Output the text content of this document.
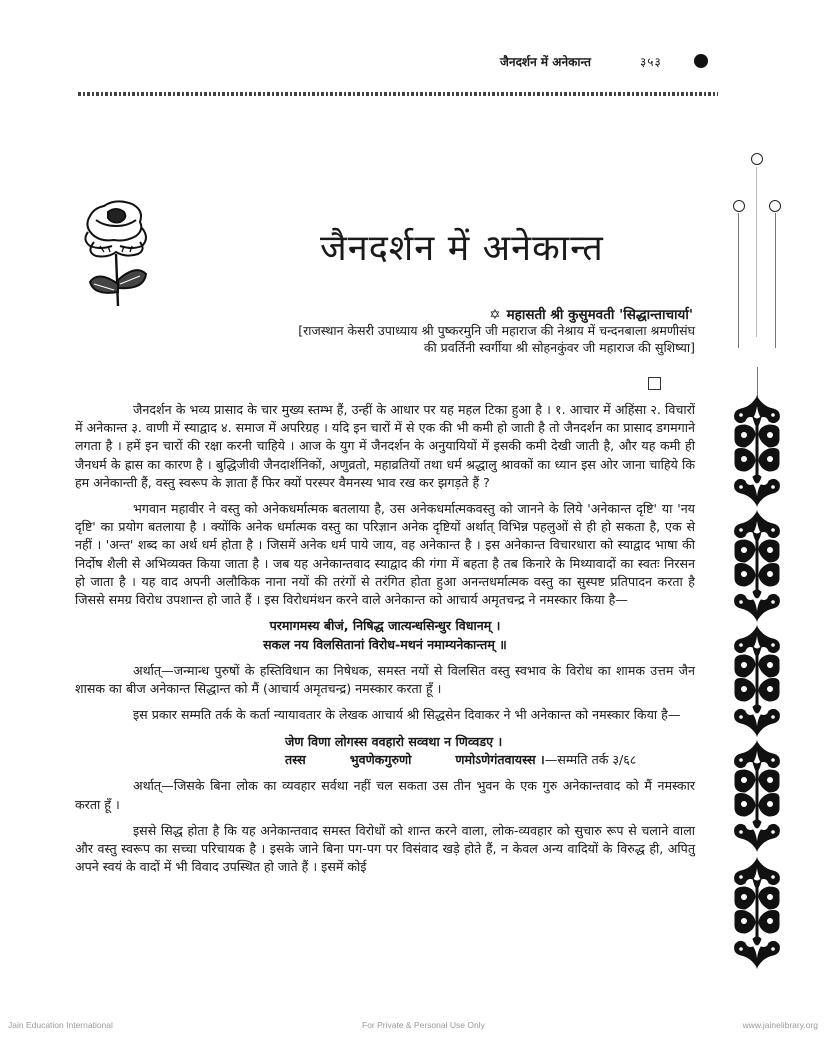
जैनदर्शन में अनेकान्त	३५३
जैनदर्शन में अनेकान्त
✡ महासती श्री कुसुमवती 'सिद्धान्ताचार्या'
[राजस्थान केसरी उपाध्याय श्री पुष्करमुनि जी महाराज की नेश्राय में चन्दनबाला श्रमणीसंघ
की प्रवर्तिनी स्वर्गीया श्री सोहनकुंवर जी महाराज की सुशिष्या]

जैनदर्शन के भव्य प्रासाद के चार मुख्य स्तम्भ हैं, उन्हीं के आधार पर यह महल टिका हुआ है । १. आचार में अहिंसा २. विचारों में अनेकान्त ३. वाणी में स्याद्वाद ४. समाज में अपरिग्रह । यदि इन चारों में से एक की भी कमी हो जाती है तो जैनदर्शन का प्रासाद डगमगाने लगता है । हमें इन चारों की रक्षा करनी चाहिये । आज के युग में जैनदर्शन के अनुयायियों में इसकी कमी देखी जाती है, और यह कमी ही जैनधर्म के ह्रास का कारण है । बुद्धिजीवी जैनदार्शनिकों, अणुव्रतो, महाव्रतियों तथा धर्म श्रद्धालु श्रावकों का ध्यान इस ओर जाना चाहिये कि हम अनेकान्ती हैं, वस्तु स्वरूप के ज्ञाता हैं फिर क्यों परस्पर वैमनस्य भाव रख कर झगड़ते हैं ?

भगवान महावीर ने वस्तु को अनेकधर्मात्मक बतलाया है, उस अनेकधर्मात्मकवस्तु को जानने के लिये 'अनेकान्त दृष्टि' या 'नय दृष्टि' का प्रयोग बतलाया है । क्योंकि अनेक धर्मात्मक वस्तु का परिज्ञान अनेक दृष्टियों अर्थात् विभिन्न पहलुओं से ही हो सकता है, एक से नहीं । 'अन्त' शब्द का अर्थ धर्म होता है । जिसमें अनेक धर्म पाये जाय, वह अनेकान्त है । इस अनेकान्त विचारधारा को स्याद्वाद भाषा की निर्दोष शैली से अभिव्यक्त किया जाता है । जब यह अनेकान्तवाद स्याद्वाद की गंगा में बहता है तब किनारे के मिथ्यावादों का स्वतः निरसन हो जाता है । यह वाद अपनी अलौकिक नाना नयों की तरंगों से तरंगित होता हुआ अनन्तधर्मात्मक वस्तु का सुस्पष्ट प्रतिपादन करता है जिससे समग्र विरोध उपशान्त हो जाते हैं । इस विरोधमंथन करने वाले अनेकान्त को आचार्य अमृतचन्द्र ने नमस्कार किया है—

परमागमस्य बीजं, निषिद्ध जात्यन्धसिन्धुर विधानम् ।
सकल नय विलसितानां विरोध-मथनं नमाम्यनेकान्तम् ॥

अर्थात्—जन्मान्ध पुरुषों के हस्तिविधान का निषेधक, समस्त नयों से विलसित वस्तु स्वभाव के विरोध का शामक उत्तम जैन शासक का बीज अनेकान्त सिद्धान्त को मैं (आचार्य अमृतचन्द्र) नमस्कार करता हूँ ।

इस प्रकार सम्मति तर्क के कर्ता न्यायावतार के लेखक आचार्य श्री सिद्धसेन दिवाकर ने भी अनेकान्त को नमस्कार किया है—

जेण विणा लोगस्स ववहारो सव्वथा न णिव्वडए ।
तस्स	भुवणेकगुरुणो	णमोऽणेगंतवायस्स ।—सम्मति तर्क ३/६८

अर्थात्—जिसके बिना लोक का व्यवहार सर्वथा नहीं चल सकता उस तीन भुवन के एक गुरु अनेकान्तवाद को मैं नमस्कार करता हूँ ।

इससे सिद्ध होता है कि यह अनेकान्तवाद समस्त विरोधों को शान्त करने वाला, लोक-व्यवहार को सुचारु रूप से चलाने वाला और वस्तु स्वरूप का सच्चा परिचायक है । इसके जाने बिना पग-पग पर विसंवाद खड़े होते हैं, न केवल अन्य वादियों के विरुद्ध ही, अपितु अपने स्वयं के वादों में भी विवाद उपस्थित हो जाते हैं । इसमें कोई

Jain Education International	For Private & Personal Use Only	www.jainelibrary.org
